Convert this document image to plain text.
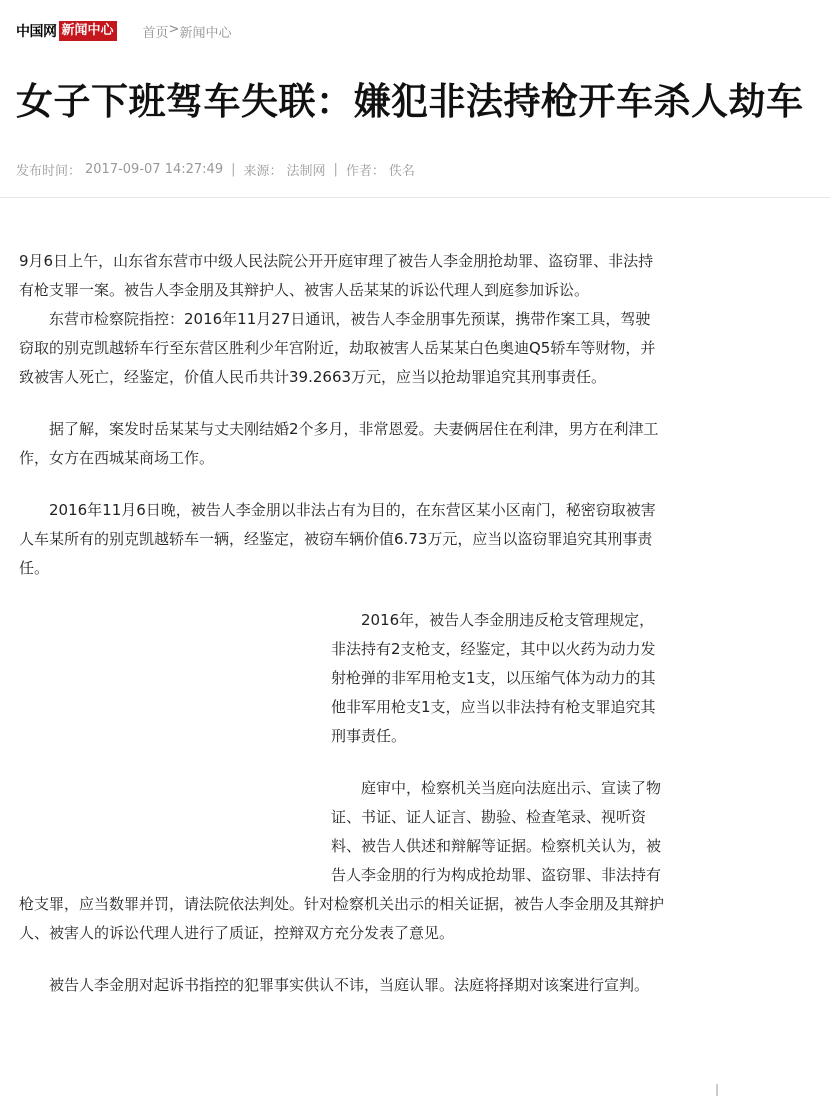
中国网 新闻中心 首页 > 新闻中心
女子下班驾车失联：嫌犯非法持枪开车杀人劫车
发布时间： 2017-09-07 14:27:49 | 来源： 法制网 | 作者： 佚名

9月6日上午，山东省东营市中级人民法院公开开庭审理了被告人李金朋抢劫罪、盗窃罪、非法持有枪支罪一案。被告人李金朋及其辩护人、被害人岳某某的诉讼代理人到庭参加诉讼。

东营市检察院指控：2016年11月27日通讯，被告人李金朋事先预谋，携带作案工具，驾驶窃取的别克凯越轿车行至东营区胜利少年宫附近，劫取被害人岳某某白色奥迪Q5轿车等财物，并致被害人死亡，经鉴定，价值人民币共计39.2663万元，应当以抢劫罪追究其刑事责任。

据了解，案发时岳某某与丈夫刚结婚2个多月，非常恩爱。夫妻俩居住在利津，男方在利津工作，女方在西城某商场工作。

2016年11月6日晚，被告人李金朋以非法占有为目的，在东营区某小区南门，秘密窃取被害人车某所有的别克凯越轿车一辆，经鉴定，被窃车辆价值6.73万元，应当以盗窃罪追究其刑事责任。

2016年，被告人李金朋违反枪支管理规定，非法持有2支枪支，经鉴定，其中以火药为动力发射枪弹的非军用枪支1支，以压缩气体为动力的其他非军用枪支1支，应当以非法持有枪支罪追究其刑事责任。

庭审中，检察机关当庭向法庭出示、宣读了物证、书证、证人证言、勘验、检查笔录、视听资料、被告人供述和辩解等证据。检察机关认为，被告人李金朋的行为构成抢劫罪、盗窃罪、非法持有枪支罪，应当数罪并罚，请法院依法判处。针对检察机关出示的相关证据，被告人李金朋及其辩护人、被害人的诉讼代理人进行了质证，控辩双方充分发表了意见。

被告人李金朋对起诉书指控的犯罪事实供认不讳，当庭认罪。法庭将择期对该案进行宣判。
